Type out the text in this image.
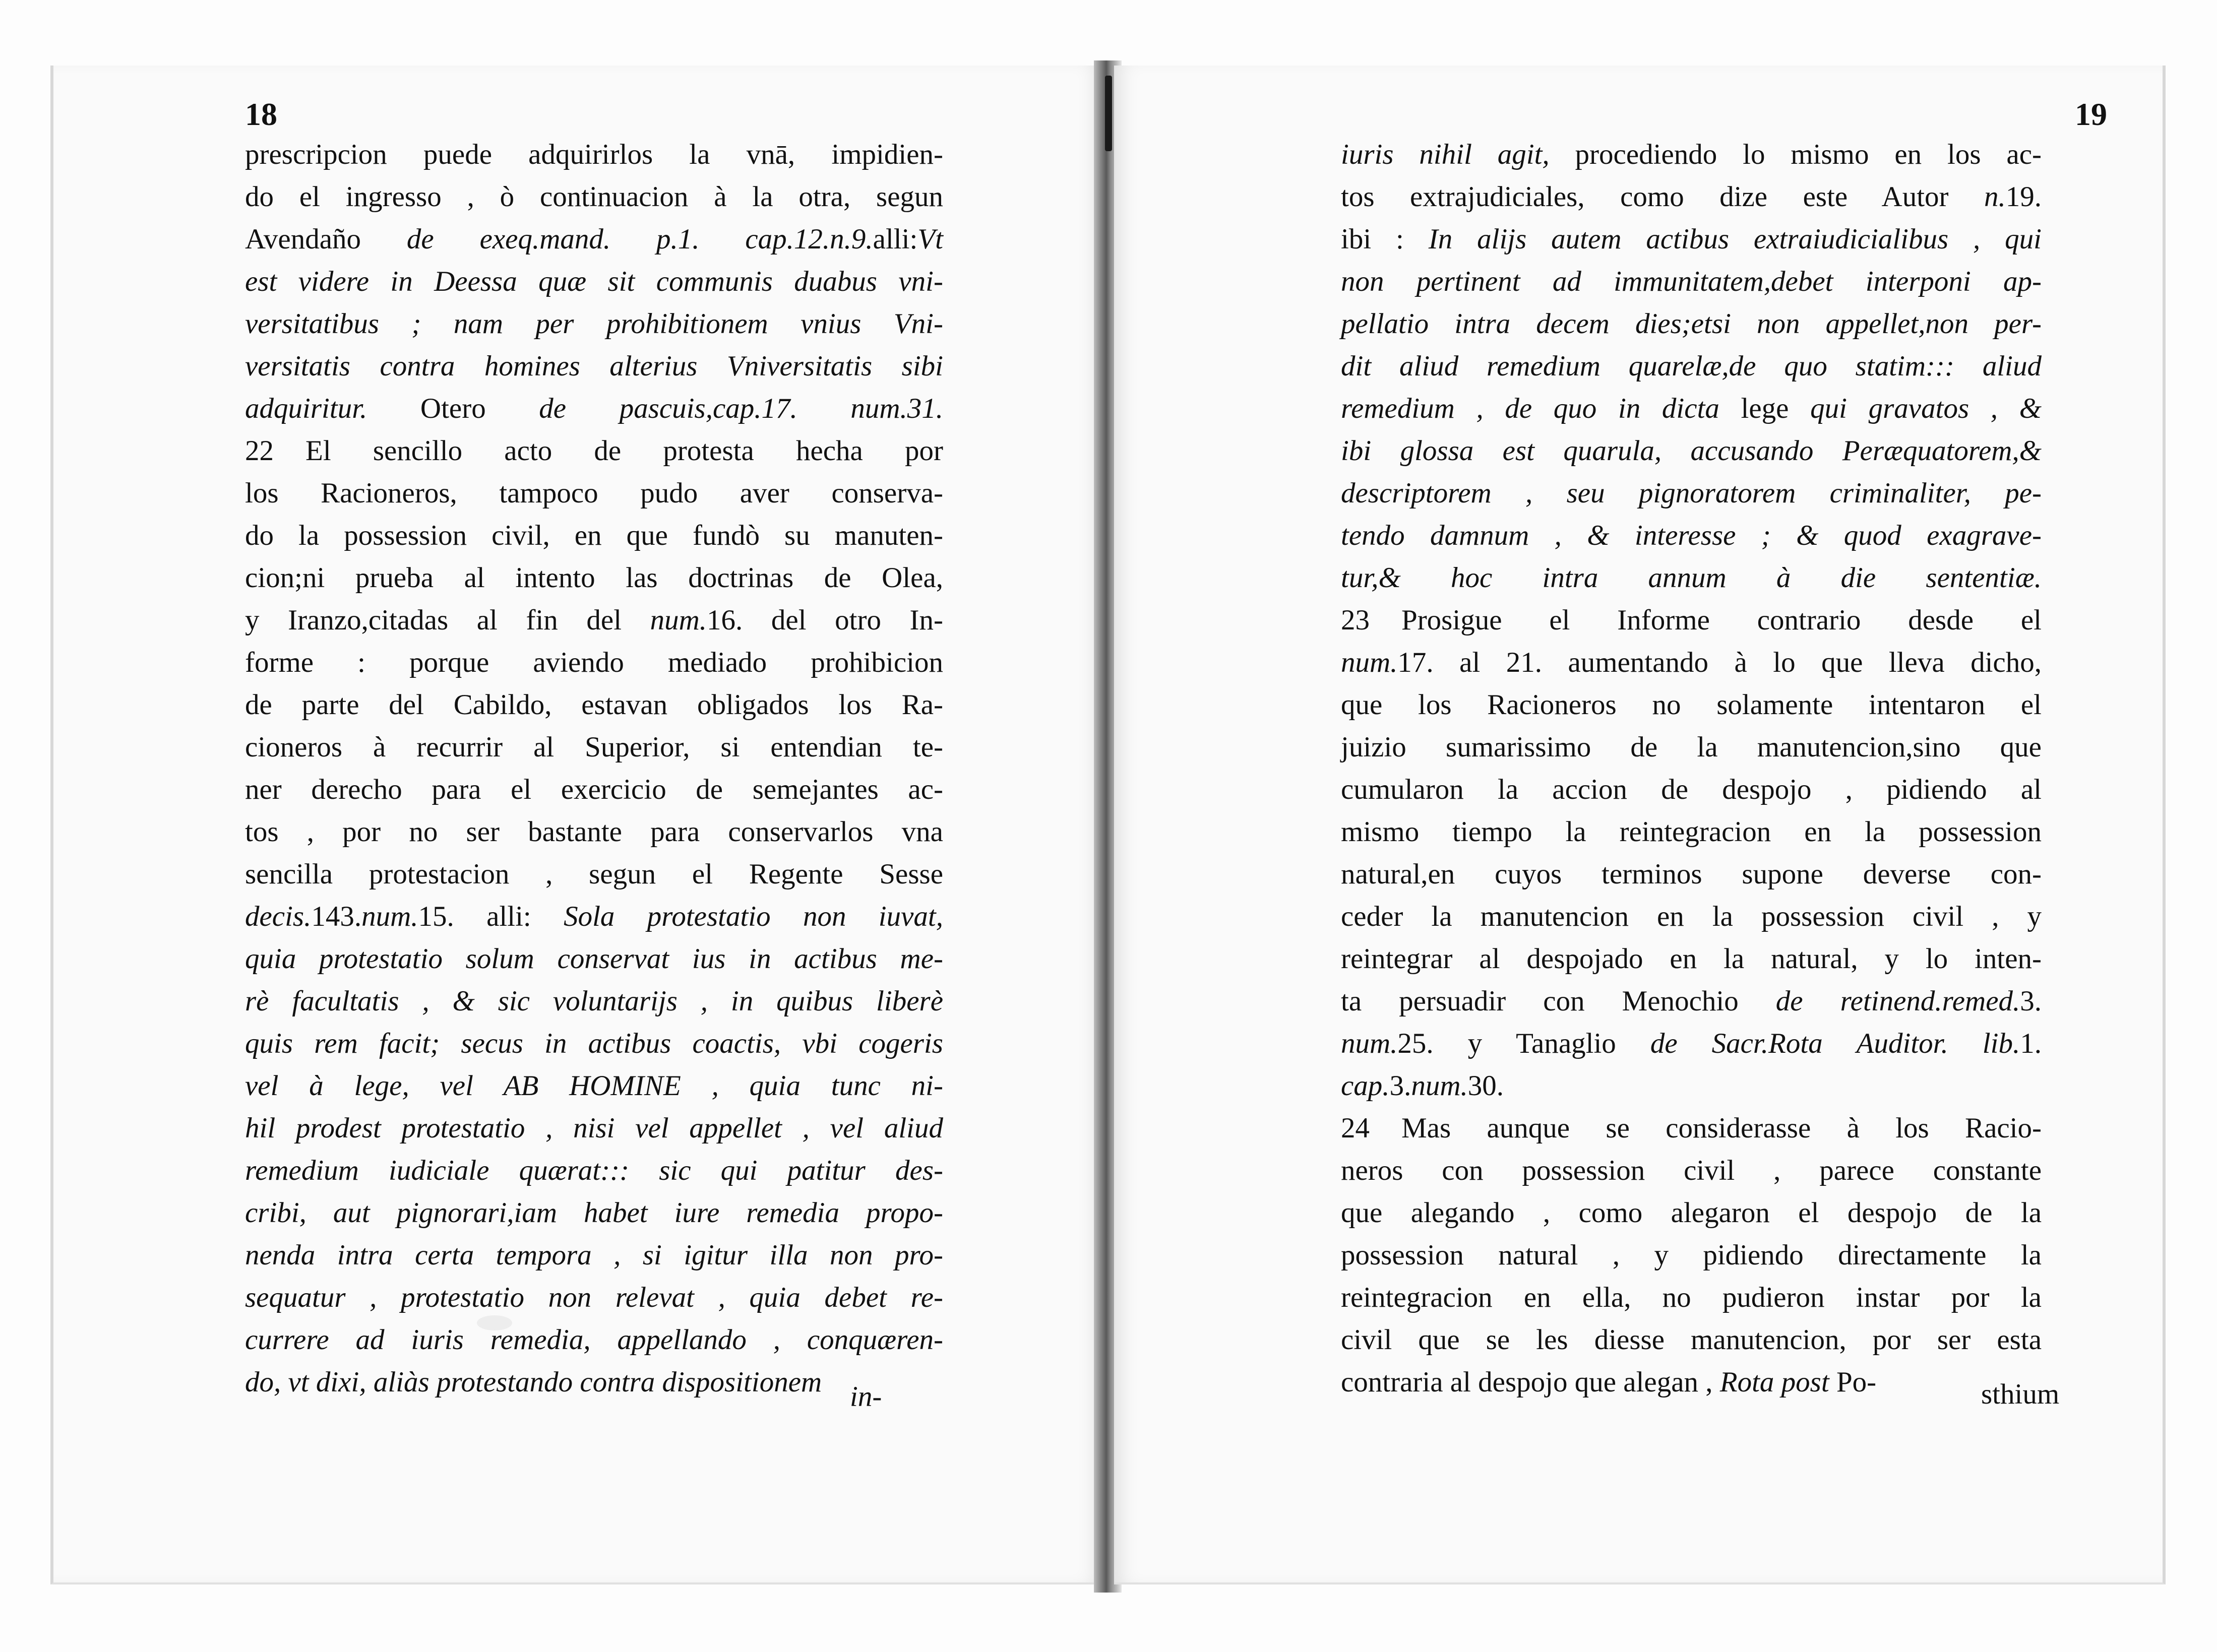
18
prescripcion puede adquirirlos la vnā, impidien-
do el ingresso , ò continuacion à la otra, segun
Avendaño de exeq.mand. p.1. cap.12.n.9.alli:Vt
est videre in Deessa quæ sit communis duabus vni-
versitatibus ; nam per prohibitionem vnius Vni-
versitatis contra homines alterius Vniversitatis sibi
adquiritur. Otero de pascuis,cap.17. num.31.
22 El sencillo acto de protesta hecha por
los Racioneros, tampoco pudo aver conserva-
do la possession civil, en que fundò su manuten-
cion;ni prueba al intento las doctrinas de Olea,
y Iranzo,citadas al fin del num.16. del otro In-
forme : porque aviendo mediado prohibicion
de parte del Cabildo, estavan obligados los Ra-
cioneros à recurrir al Superior, si entendian te-
ner derecho para el exercicio de semejantes ac-
tos , por no ser bastante para conservarlos vna
sencilla protestacion , segun el Regente Sesse
decis.143.num.15. alli: Sola protestatio non iuvat,
quia protestatio solum conservat ius in actibus me-
rè facultatis , & sic voluntarijs , in quibus liberè
quis rem facit; secus in actibus coactis, vbi cogeris
vel à lege, vel AB HOMINE , quia tunc ni-
hil prodest protestatio , nisi vel appellet , vel aliud
remedium iudiciale quærat::: sic qui patitur des-
cribi, aut pignorari,iam habet iure remedia propo-
nenda intra certa tempora , si igitur illa non pro-
sequatur , protestatio non relevat , quia debet re-
currere ad iuris remedia, appellando , conquæren-
do, vt dixi, aliàs protestando contra dispositionem in-
19
iuris nihil agit, procediendo lo mismo en los ac-
tos extrajudiciales, como dize este Autor n.19.
ibi : In alijs autem actibus extraiudicialibus , qui
non pertinent ad immunitatem,debet interponi ap-
pellatio intra decem dies;etsi non appellet,non per-
dit aliud remedium quarelæ,de quo statim::: aliud
remedium , de quo in dicta lege qui gravatos , &
ibi glossa est quarula, accusando Peræquatorem,&
descriptorem , seu pignoratorem criminaliter, pe-
tendo damnum , & interesse ; & quod exagrave-
tur,& hoc intra annum à die sententiæ.
23 Prosigue el Informe contrario desde el
num.17. al 21. aumentando à lo que lleva dicho,
que los Racioneros no solamente intentaron el
juizio sumarissimo de la manutencion,sino que
cumularon la accion de despojo , pidiendo al
mismo tiempo la reintegracion en la possession
natural,en cuyos terminos supone deverse con-
ceder la manutencion en la possession civil , y
reintegrar al despojado en la natural, y lo inten-
ta persuadir con Menochio de retinend.remed.3.
num.25. y Tanaglio de Sacr.Rota Auditor. lib.1.
cap.3.num.30.
24 Mas aunque se considerasse à los Racio-
neros con possession civil , parece constante
que alegando , como alegaron el despojo de la
possession natural , y pidiendo directamente la
reintegracion en ella, no pudieron instar por la
civil que se les diesse manutencion, por ser esta
contraria al despojo que alegan , Rota post Po-	sthium
